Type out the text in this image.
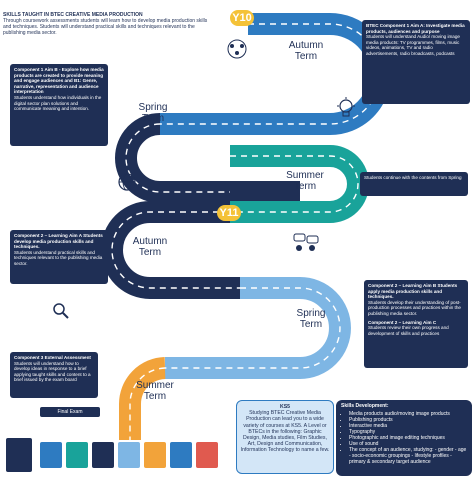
Y10
Y11
Autumn
Term
Spring
Term
Summer
Term
Autumn
Term
Spring
Term
Summer
Term
SKILLS TAUGHT IN BTEC CREATIVE MEDIA PRODUCTION
Through coursework assessments students will learn how to develop media production skills and techniques. Students will understand practical skills and techniques relevant to the publishing media sector.
BTEC Component 1 Aim A: Investigate media products, audiences and purpose
Students will understand Audio/ moving image media products: TV programmes, films, music videos, animations, TV and radio advertisements, radio broadcasts, podcasts
Component 1 Aim B - Explore how media products are created to provide meaning and engage audiences and B1: Genre, narrative, representation and audience interpretation
Students understand how individuals in the digital sector plan solutions and communicate meaning and intention.
Students continue with the contents from Spring
Component 2 – Learning Aim A Students develop media production skills and techniques.
Students understand practical skills and techniques relevant to the publishing media sector.
Component 2 – Learning Aim B Students apply media production skills and techniques.
Students develop their understanding of post-production processes and practices within the publishing media sector.
Component 2 – Learning Aim C
Students review their own progress and development of skills and practices
Component 3 External Assessment
Students will understand how to develop ideas in response to a brief applying taught skills and content to a brief issued by the exam board
Final Exam
KS5
Studying BTEC Creative Media Production can lead you to a wide variety of courses at KS5. A Level or BTECs in the following: Graphic Design, Media studies, Film Studies, Art, Design and Communication, Information Technology to name a few.
Skills Development:
• Media products audio/moving image products
• Publishing products
• Interactive media
• Typography
• Photographic and image editing techniques
• Use of sound
• The concept of an audience, studying: - gender - age - socio-economic groupings - lifestyle profiles - primary & secondary target audience
